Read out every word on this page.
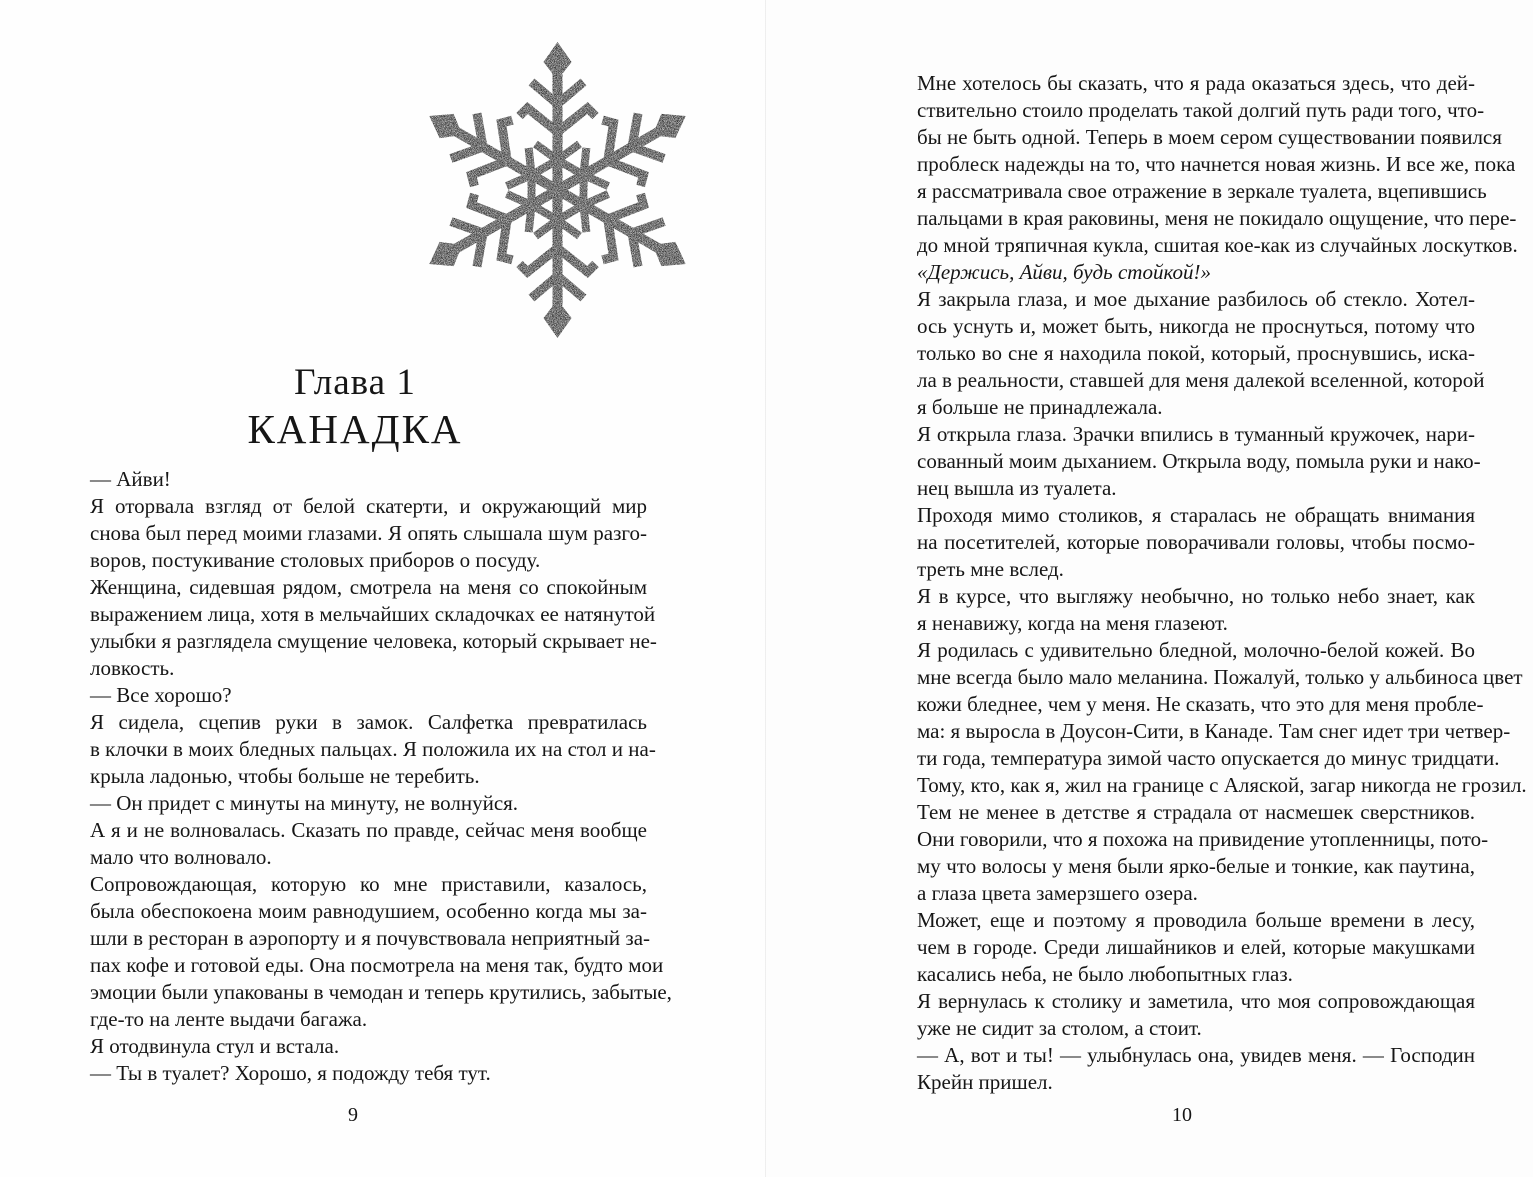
Глава 1
КАНАДКА
— Айви!
Я оторвала взгляд от белой скатерти, и окружающий мир
снова был перед моими глазами. Я опять слышала шум разго-
воров, постукивание столовых приборов о посуду.
Женщина, сидевшая рядом, смотрела на меня со спокойным
выражением лица, хотя в мельчайших складочках ее натянутой
улыбки я разглядела смущение человека, который скрывает не-
ловкость.
— Все хорошо?
Я сидела, сцепив руки в замок. Салфетка превратилась
в клочки в моих бледных пальцах. Я положила их на стол и на-
крыла ладонью, чтобы больше не теребить.
— Он придет с минуты на минуту, не волнуйся.
А я и не волновалась. Сказать по правде, сейчас меня вообще
мало что волновало.
Сопровождающая, которую ко мне приставили, казалось,
была обеспокоена моим равнодушием, особенно когда мы за-
шли в ресторан в аэропорту и я почувствовала неприятный за-
пах кофе и готовой еды. Она посмотрела на меня так, будто мои
эмоции были упакованы в чемодан и теперь крутились, забытые,
где-то на ленте выдачи багажа.
Я отодвинула стул и встала.
— Ты в туалет? Хорошо, я подожду тебя тут.
9
Мне хотелось бы сказать, что я рада оказаться здесь, что дей-
ствительно стоило проделать такой долгий путь ради того, что-
бы не быть одной. Теперь в моем сером существовании появился
проблеск надежды на то, что начнется новая жизнь. И все же, пока
я рассматривала свое отражение в зеркале туалета, вцепившись
пальцами в края раковины, меня не покидало ощущение, что пере-
до мной тряпичная кукла, сшитая кое-как из случайных лоскутков.
«Держись, Айви, будь стойкой!»
Я закрыла глаза, и мое дыхание разбилось об стекло. Хотел-
ось уснуть и, может быть, никогда не проснуться, потому что
только во сне я находила покой, который, проснувшись, иска-
ла в реальности, ставшей для меня далекой вселенной, которой
я больше не принадлежала.
Я открыла глаза. Зрачки впились в туманный кружочек, нари-
сованный моим дыханием. Открыла воду, помыла руки и нако-
нец вышла из туалета.
Проходя мимо столиков, я старалась не обращать внимания
на посетителей, которые поворачивали головы, чтобы посмо-
треть мне вслед.
Я в курсе, что выгляжу необычно, но только небо знает, как
я ненавижу, когда на меня глазеют.
Я родилась с удивительно бледной, молочно-белой кожей. Во
мне всегда было мало меланина. Пожалуй, только у альбиноса цвет
кожи бледнее, чем у меня. Не сказать, что это для меня пробле-
ма: я выросла в Доусон-Сити, в Канаде. Там снег идет три четвер-
ти года, температура зимой часто опускается до минус тридцати.
Тому, кто, как я, жил на границе с Аляской, загар никогда не грозил.
Тем не менее в детстве я страдала от насмешек сверстников.
Они говорили, что я похожа на привидение утопленницы, пото-
му что волосы у меня были ярко-белые и тонкие, как паутина,
а глаза цвета замерзшего озера.
Может, еще и поэтому я проводила больше времени в лесу,
чем в городе. Среди лишайников и елей, которые макушками
касались неба, не было любопытных глаз.
Я вернулась к столику и заметила, что моя сопровождающая
уже не сидит за столом, а стоит.
— А, вот и ты! — улыбнулась она, увидев меня. — Господин
Крейн пришел.
10
